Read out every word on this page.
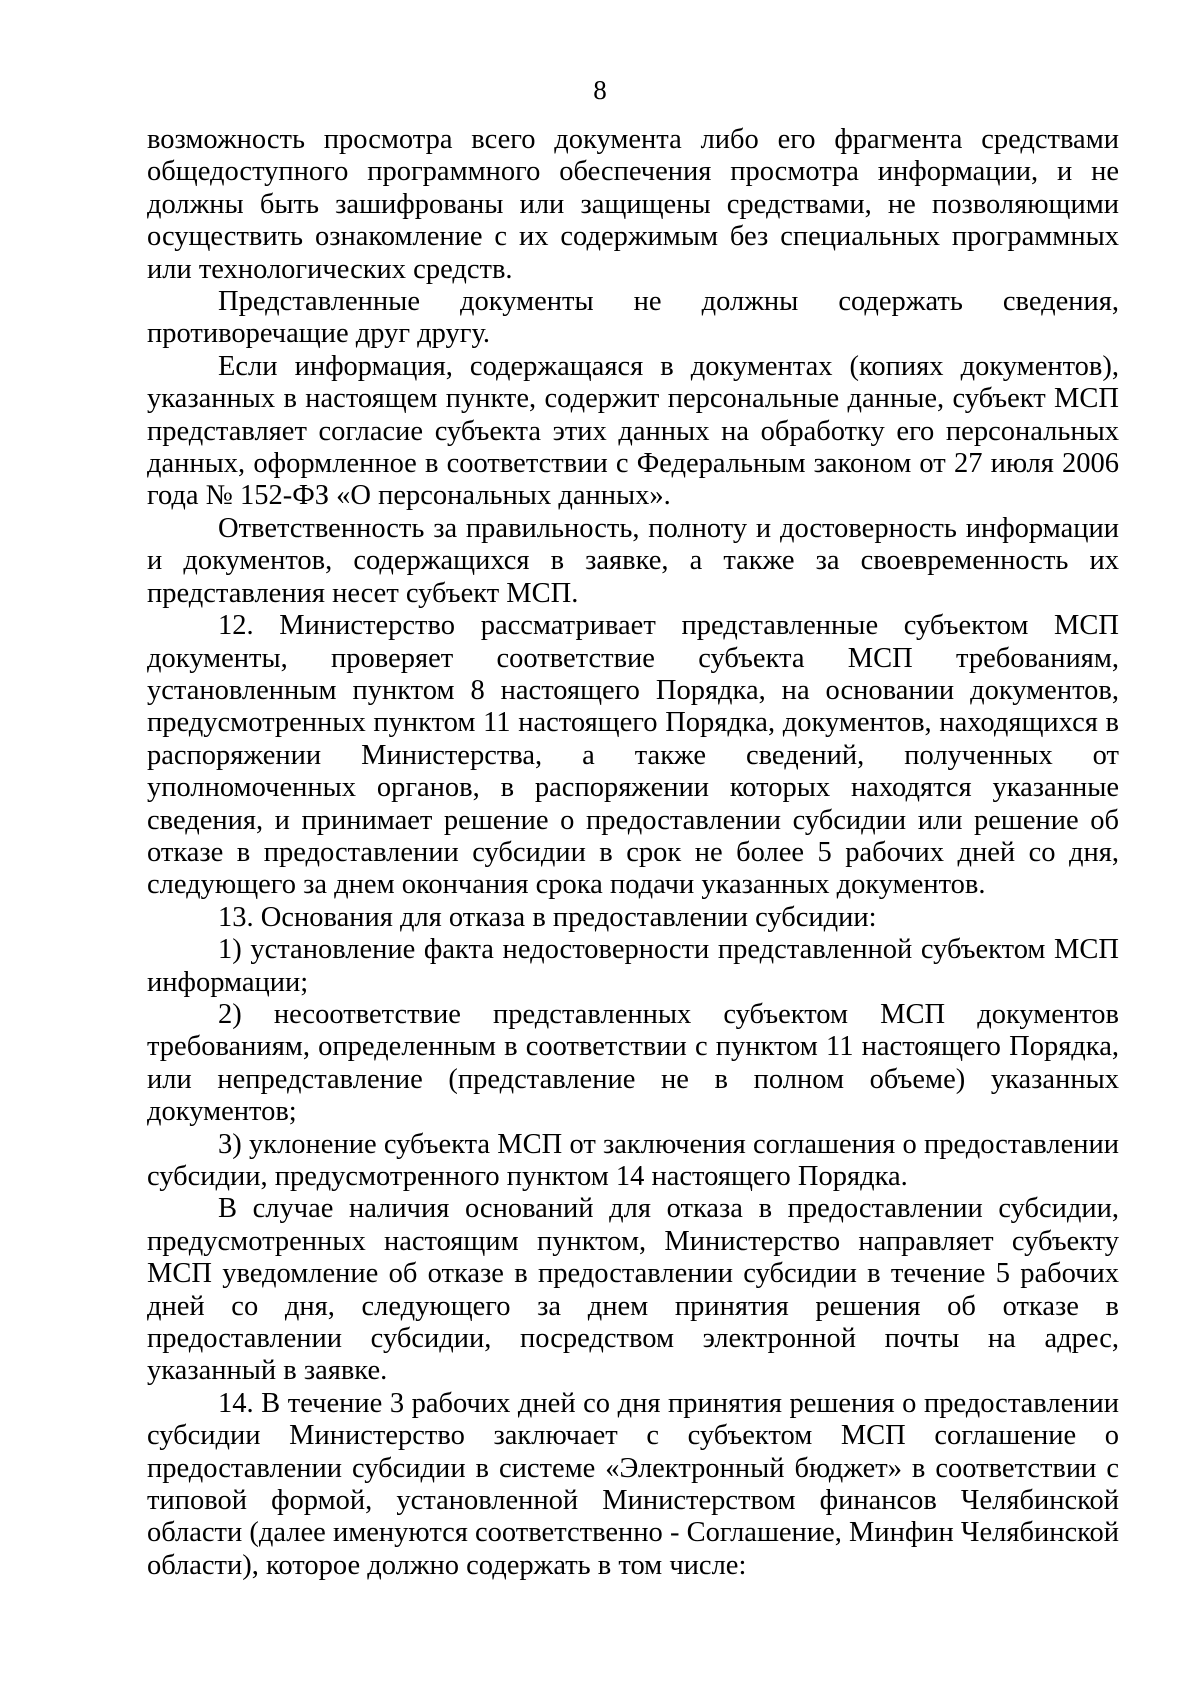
8

возможность просмотра всего документа либо его фрагмента средствами общедоступного программного обеспечения просмотра информации, и не должны быть зашифрованы или защищены средствами, не позволяющими осуществить ознакомление с их содержимым без специальных программных или технологических средств.

Представленные документы не должны содержать сведения, противоречащие друг другу.

Если информация, содержащаяся в документах (копиях документов), указанных в настоящем пункте, содержит персональные данные, субъект МСП представляет согласие субъекта этих данных на обработку его персональных данных, оформленное в соответствии с Федеральным законом от 27 июля 2006 года № 152-ФЗ «О персональных данных».

Ответственность за правильность, полноту и достоверность информации и документов, содержащихся в заявке, а также за своевременность их представления несет субъект МСП.

12. Министерство рассматривает представленные субъектом МСП документы, проверяет соответствие субъекта МСП требованиям, установленным пунктом 8 настоящего Порядка, на основании документов, предусмотренных пунктом 11 настоящего Порядка, документов, находящихся в распоряжении Министерства, а также сведений, полученных от уполномоченных органов, в распоряжении которых находятся указанные сведения, и принимает решение о предоставлении субсидии или решение об отказе в предоставлении субсидии в срок не более 5 рабочих дней со дня, следующего за днем окончания срока подачи указанных документов.

13. Основания для отказа в предоставлении субсидии:

1) установление факта недостоверности представленной субъектом МСП информации;

2) несоответствие представленных субъектом МСП документов требованиям, определенным в соответствии с пунктом 11 настоящего Порядка, или непредставление (представление не в полном объеме) указанных документов;

3) уклонение субъекта МСП от заключения соглашения о предоставлении субсидии, предусмотренного пунктом 14 настоящего Порядка.

В случае наличия оснований для отказа в предоставлении субсидии, предусмотренных настоящим пунктом, Министерство направляет субъекту МСП уведомление об отказе в предоставлении субсидии в течение 5 рабочих дней со дня, следующего за днем принятия решения об отказе в предоставлении субсидии, посредством электронной почты на адрес, указанный в заявке.

14. В течение 3 рабочих дней со дня принятия решения о предоставлении субсидии Министерство заключает с субъектом МСП соглашение о предоставлении субсидии в системе «Электронный бюджет» в соответствии с типовой формой, установленной Министерством финансов Челябинской области (далее именуются соответственно - Соглашение, Минфин Челябинской области), которое должно содержать в том числе:
